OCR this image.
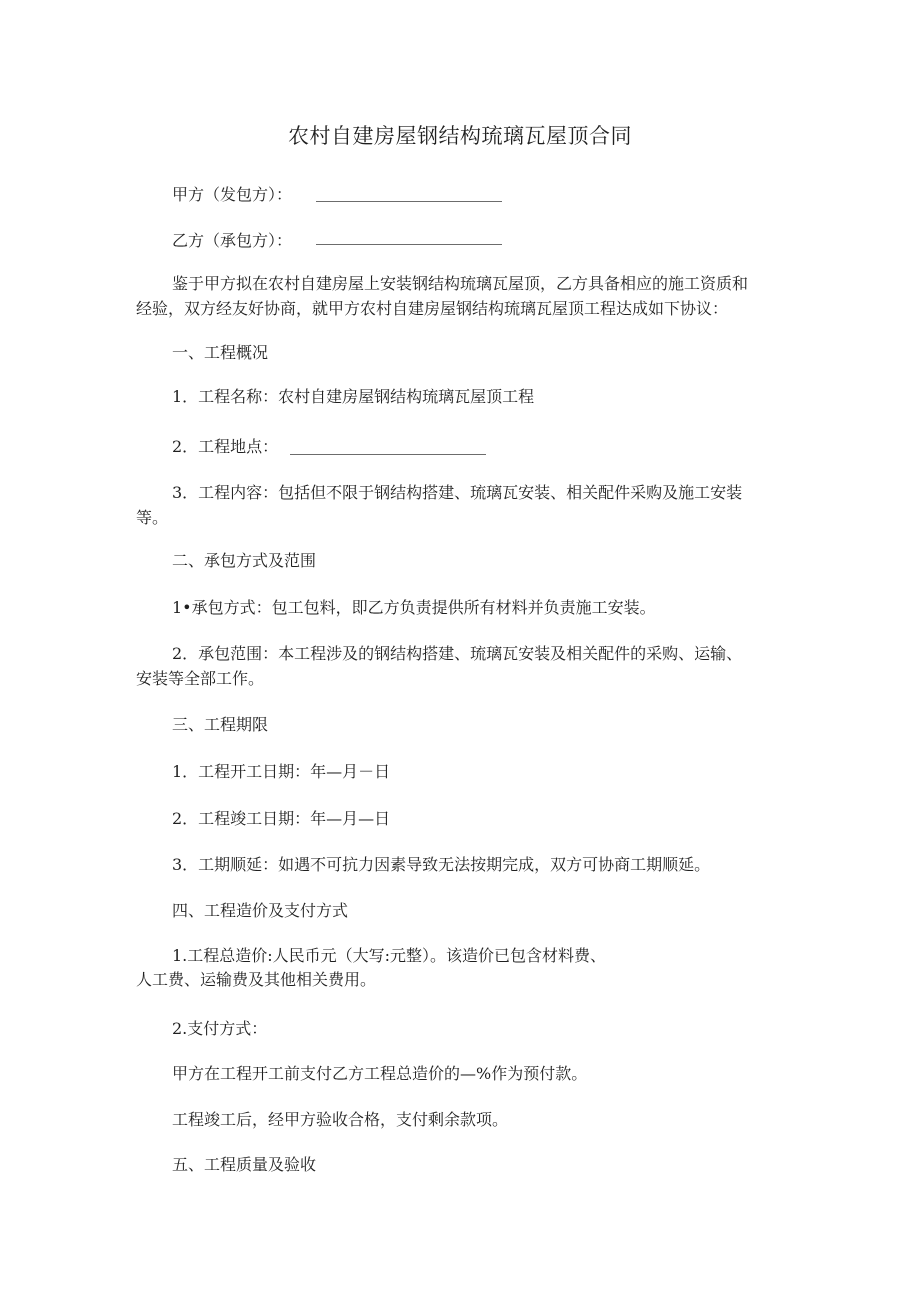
农村自建房屋钢结构琉璃瓦屋顶合同
甲方（发包方）：
乙方（承包方）：
鉴于甲方拟在农村自建房屋上安装钢结构琉璃瓦屋顶，乙方具备相应的施工资质和
经验，双方经友好协商，就甲方农村自建房屋钢结构琉璃瓦屋顶工程达成如下协议：
一、工程概况
1．工程名称：农村自建房屋钢结构琉璃瓦屋顶工程
2．工程地点：
3．工程内容：包括但不限于钢结构搭建、琉璃瓦安装、相关配件采购及施工安装
等。
二、承包方式及范围
1•承包方式：包工包料，即乙方负责提供所有材料并负责施工安装。
2．承包范围：本工程涉及的钢结构搭建、琉璃瓦安装及相关配件的采购、运输、
安装等全部工作。
三、工程期限
1．工程开工日期：年—月－日
2．工程竣工日期：年—月—日
3．工期顺延：如遇不可抗力因素导致无法按期完成，双方可协商工期顺延。
四、工程造价及支付方式
1.工程总造价:人民币元（大写:元整）。该造价已包含材料费、
人工费、运输费及其他相关费用。
2.支付方式：
甲方在工程开工前支付乙方工程总造价的—%作为预付款。
工程竣工后，经甲方验收合格，支付剩余款项。
五、工程质量及验收
